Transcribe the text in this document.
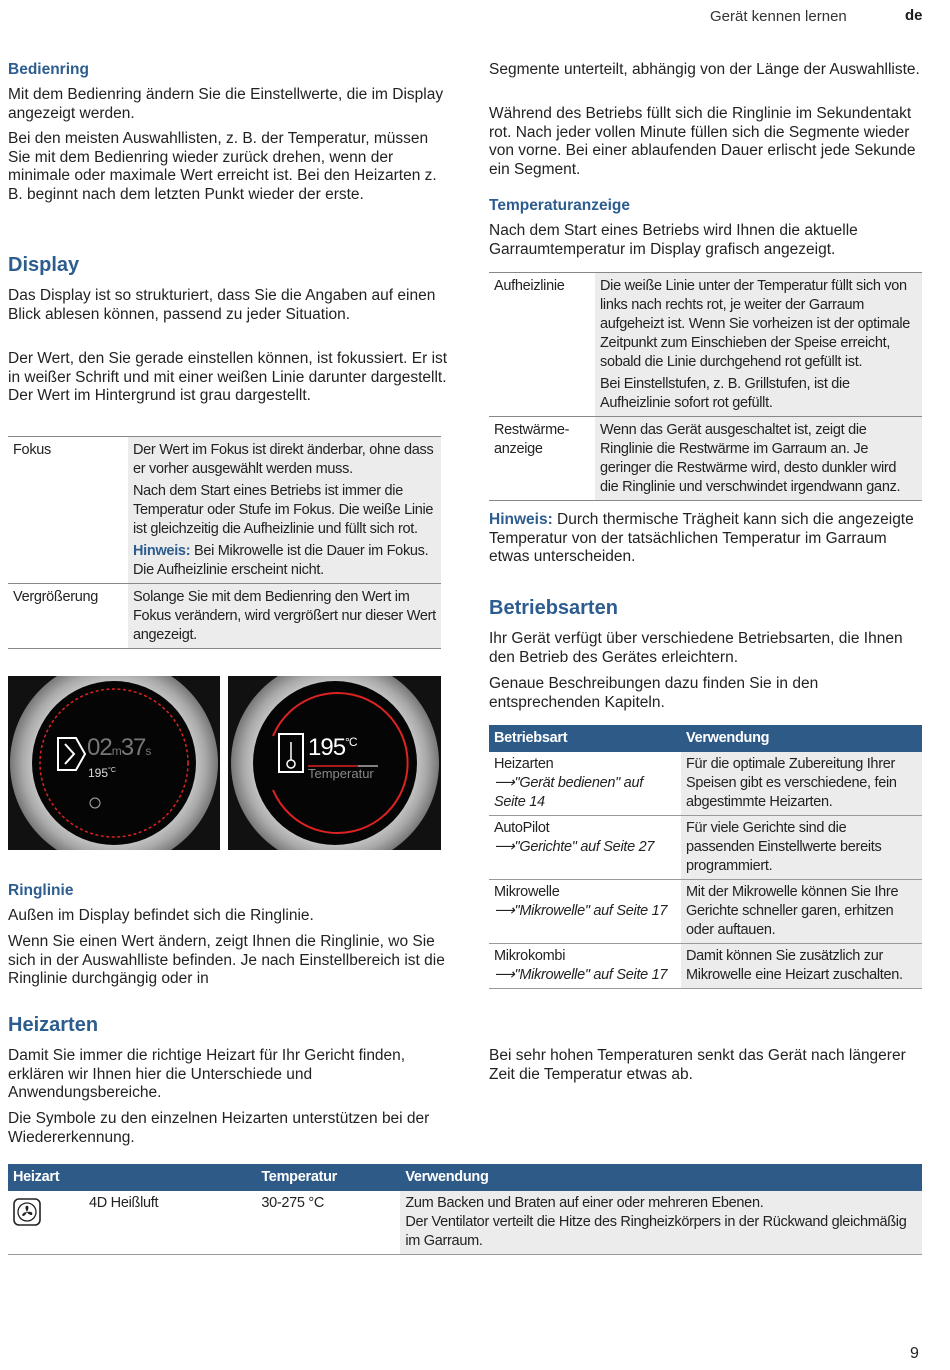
Gerät kennen lernen	de
Bedienring

Mit dem Bedienring ändern Sie die Einstellwerte, die im Display angezeigt werden.

Bei den meisten Auswahllisten, z. B. der Temperatur, müssen Sie mit dem Bedienring wieder zurück drehen, wenn der minimale oder maximale Wert erreicht ist. Bei den Heizarten z. B. beginnt nach dem letzten Punkt wieder der erste.

Display

Das Display ist so strukturiert, dass Sie die Angaben auf einen Blick ablesen können, passend zu jeder Situation.

Der Wert, den Sie gerade einstellen können, ist fokussiert. Er ist in weißer Schrift und mit einer weißen Linie darunter dargestellt. Der Wert im Hintergrund ist grau dargestellt.

Fokus	Der Wert im Fokus ist direkt änderbar, ohne dass er vorher ausgewählt werden muss.

Nach dem Start eines Betriebs ist immer die Temperatur oder Stufe im Fokus. Die weiße Linie ist gleichzeitig die Aufheizlinie und füllt sich rot.

Hinweis: Bei Mikrowelle ist die Dauer im Fokus. Die Aufheizlinie erscheint nicht.

Vergrößerung	Solange Sie mit dem Bedienring den Wert im Fokus verändern, wird vergrößert nur dieser Wert angezeigt.

02m37s
$195^{^\circ C}$
$195^{^\circ C}$
Temperatur
Ringlinie

Außen im Display befindet sich die Ringlinie.

Wenn Sie einen Wert ändern, zeigt Ihnen die Ringlinie, wo Sie sich in der Auswahlliste befinden. Je nach Einstellbereich ist die Ringlinie durchgängig oder in

Segmente unterteilt, abhängig von der Länge der Auswahlliste.

Während des Betriebs füllt sich die Ringlinie im Sekundentakt rot. Nach jeder vollen Minute füllen sich die Segmente wieder von vorne. Bei einer ablaufenden Dauer erlischt jede Sekunde ein Segment.

Temperaturanzeige

Nach dem Start eines Betriebs wird Ihnen die aktuelle Garraumtemperatur im Display grafisch angezeigt.

Aufheizlinie	Die weiße Linie unter der Temperatur füllt sich von links nach rechts rot, je weiter der Garraum aufgeheizt ist. Wenn Sie vorheizen ist der optimale Zeitpunkt zum Einschieben der Speise erreicht, sobald die Linie durchgehend rot gefüllt ist.

Bei Einstellstufen, z. B. Grillstufen, ist die Aufheizlinie sofort rot gefüllt.

Restwärme-anzeige	Wenn das Gerät ausgeschaltet ist, zeigt die Ringlinie die Restwärme im Garraum an. Je geringer die Restwärme wird, desto dunkler wird die Ringlinie und verschwindet irgendwann ganz.

Hinweis: Durch thermische Trägheit kann sich die angezeigte Temperatur von der tatsächlichen Temperatur im Garraum etwas unterscheiden.

Betriebsarten

Ihr Gerät verfügt über verschiedene Betriebsarten, die Ihnen den Betrieb des Gerätes erleichtern.

Genaue Beschreibungen dazu finden Sie in den entsprechenden Kapiteln.

Betriebsart	Verwendung

Heizarten
⟶"Gerät bedienen" auf Seite 14	Für die optimale Zubereitung Ihrer Speisen gibt es verschiedene, fein abgestimmte Heizarten.

AutoPilot
⟶"Gerichte" auf Seite 27	Für viele Gerichte sind die passenden Einstellwerte bereits programmiert.

Mikrowelle
⟶"Mikrowelle" auf Seite 17	Mit der Mikrowelle können Sie Ihre Gerichte schneller garen, erhitzen oder auftauen.

Mikrokombi
⟶"Mikrowelle" auf Seite 17	Damit können Sie zusätzlich zur Mikrowelle eine Heizart zuschalten.
Heizarten

Damit Sie immer die richtige Heizart für Ihr Gericht finden, erklären wir Ihnen hier die Unterschiede und Anwendungsbereiche.

Die Symbole zu den einzelnen Heizarten unterstützen bei der Wiedererkennung.

Bei sehr hohen Temperaturen senkt das Gerät nach längerer Zeit die Temperatur etwas ab.

Heizart		Temperatur	Verwendung
	4D Heißluft	30-275 °C	Zum Backen und Braten auf einer oder mehreren Ebenen.
Der Ventilator verteilt die Hitze des Ringheizkörpers in der Rückwand gleichmäßig im Garraum.
9
